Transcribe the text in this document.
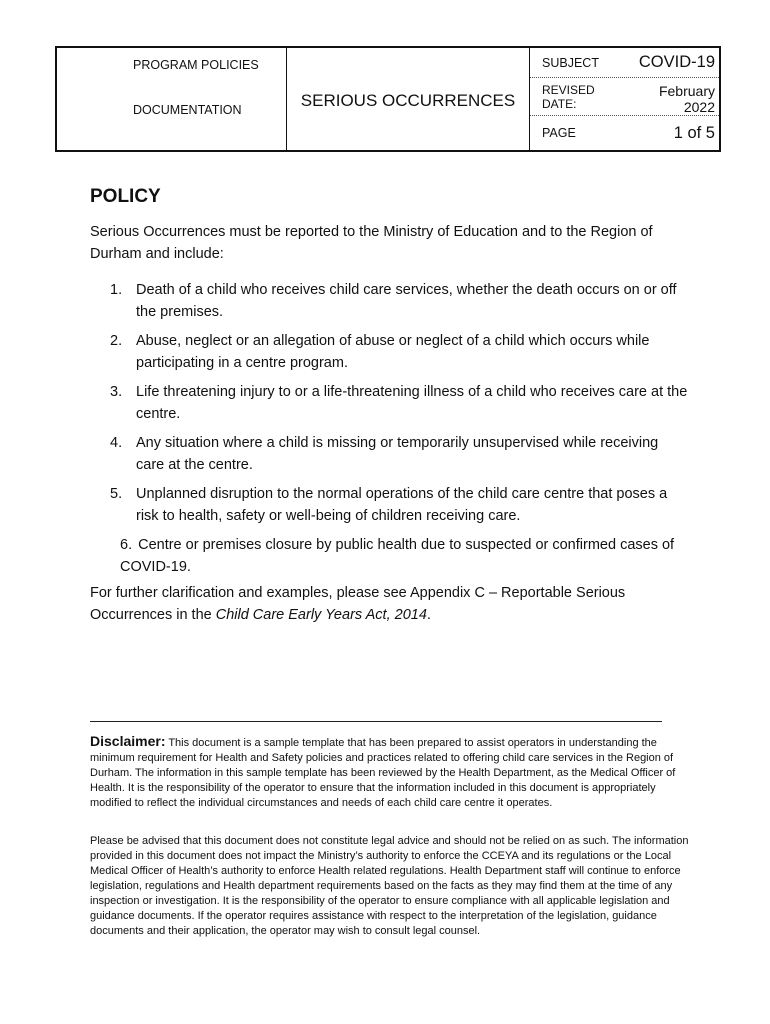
PROGRAM POLICIES
DOCUMENTATION	SERIOUS OCCURRENCES
SUBJECT COVID-19
REVISED
DATE:
February
2022
PAGE	1 of 5
POLICY

Serious Occurrences must be reported to the Ministry of Education and to the Region of Durham and include:

1. Death of a child who receives child care services, whether the death occurs on or off the premises.
2. Abuse, neglect or an allegation of abuse or neglect of a child which occurs while participating in a centre program.
3. Life threatening injury to or a life-threatening illness of a child who receives care at the centre.
4. Any situation where a child is missing or temporarily unsupervised while receiving care at the centre.
5. Unplanned disruption to the normal operations of the child care centre that poses a risk to health, safety or well-being of children receiving care.
6. Centre or premises closure by public health due to suspected or confirmed cases of COVID-19.

For further clarification and examples, please see Appendix C – Reportable Serious Occurrences in the Child Care Early Years Act, 2014.

Disclaimer: This document is a sample template that has been prepared to assist operators in understanding the minimum requirement for Health and Safety policies and practices related to offering child care services in the Region of Durham. The information in this sample template has been reviewed by the Health Department, as the Medical Officer of Health. It is the responsibility of the operator to ensure that the information included in this document is appropriately modified to reflect the individual circumstances and needs of each child care centre it operates.

Please be advised that this document does not constitute legal advice and should not be relied on as such. The information provided in this document does not impact the Ministry’s authority to enforce the CCEYA and its regulations or the Local Medical Officer of Health’s authority to enforce Health related regulations. Health Department staff will continue to enforce legislation, regulations and Health department requirements based on the facts as they may find them at the time of any inspection or investigation. It is the responsibility of the operator to ensure compliance with all applicable legislation and guidance documents. If the operator requires assistance with respect to the interpretation of the legislation, guidance documents and their application, the operator may wish to consult legal counsel.
